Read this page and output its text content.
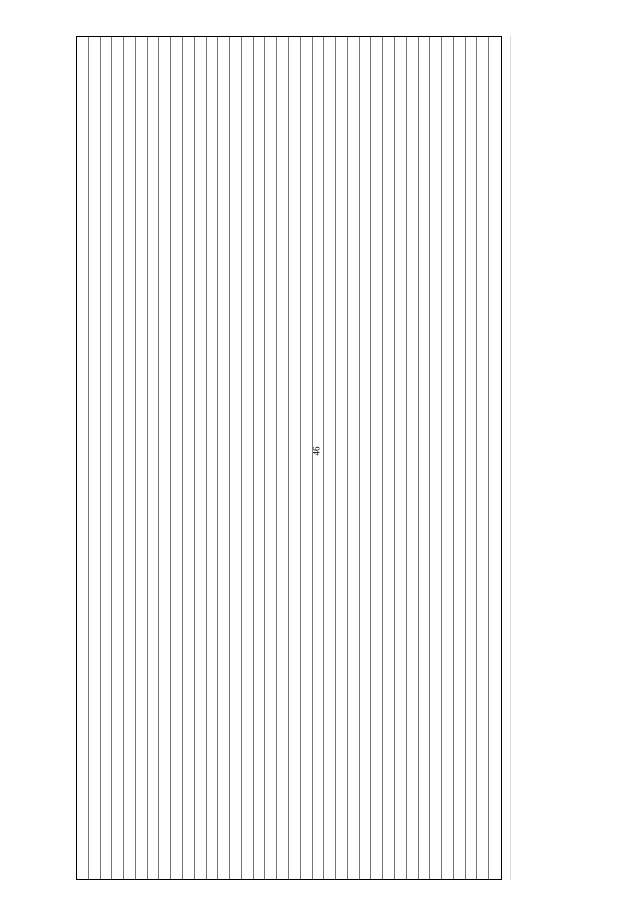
46
